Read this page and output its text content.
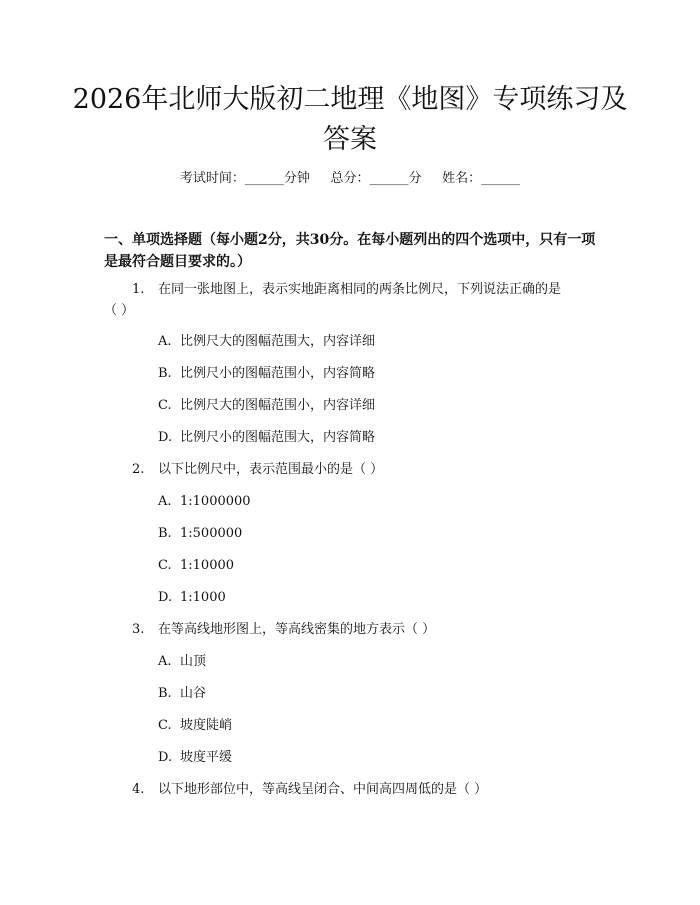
2026年北师大版初二地理《地图》专项练习及答案
考试时间：______分钟     总分：______分     姓名：______
一、单项选择题（每小题2分，共30分。在每小题列出的四个选项中，只有一项是最符合题目要求的。）
1.	在同一张地图上，表示实地距离相同的两条比例尺，下列说法正确的是
（ ）
A. 比例尺大的图幅范围大，内容详细
B. 比例尺小的图幅范围小，内容简略
C. 比例尺大的图幅范围小，内容详细
D. 比例尺小的图幅范围大，内容简略
2.	以下比例尺中，表示范围最小的是（ ）
A. 1:1000000
B. 1:500000
C. 1:10000
D. 1:1000
3.	在等高线地形图上，等高线密集的地方表示（ ）
A. 山顶
B. 山谷
C. 坡度陡峭
D. 坡度平缓
4.	以下地形部位中，等高线呈闭合、中间高四周低的是（ ）
